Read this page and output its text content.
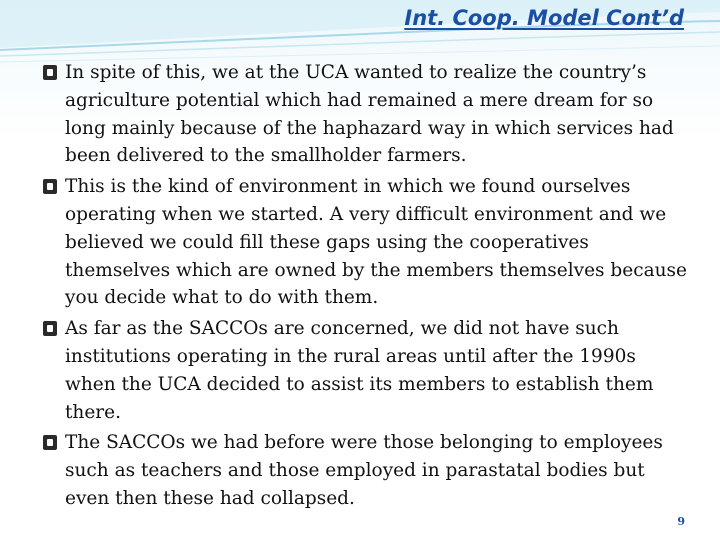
Int. Coop. Model Cont’d

In spite of this, we at the UCA wanted to realize the country’s agriculture potential which had remained a mere dream for so long mainly because of the haphazard way in which services had been delivered to the smallholder farmers.

This is the kind of environment in which we found ourselves operating when we started. A very difficult environment and we believed we could fill these gaps using the cooperatives themselves which are owned by the members themselves because you decide what to do with them.

As far as the SACCOs are concerned, we did not have such institutions operating in the rural areas until after the 1990s when the UCA decided to assist its members to establish them there.

The SACCOs we had before were those belonging to employees such as teachers and those employed in parastatal bodies but even then these had collapsed.

9
